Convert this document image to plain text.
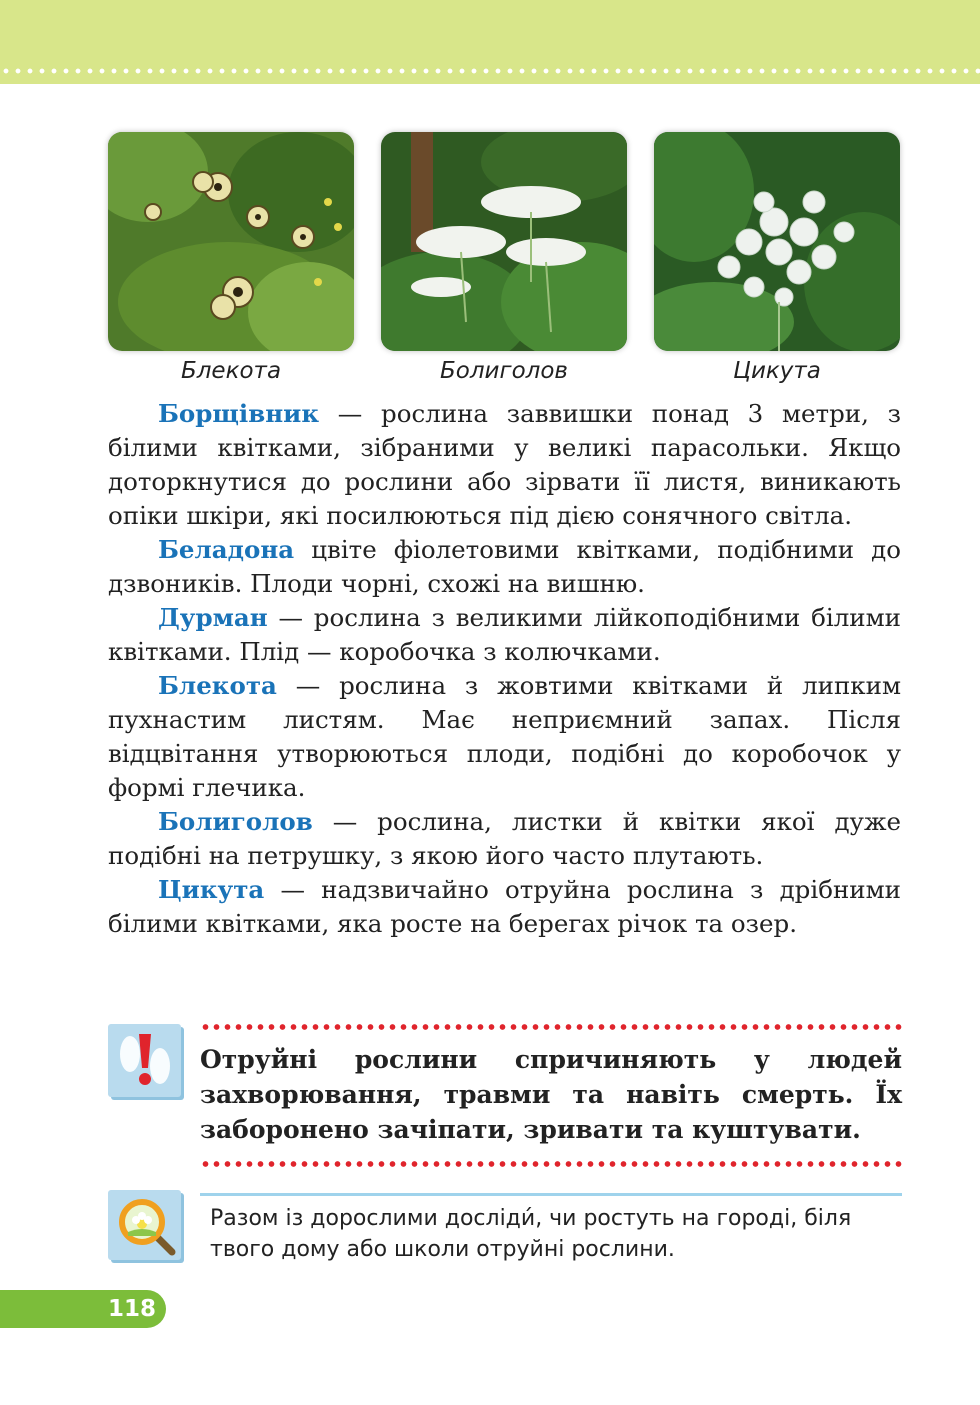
Блекота	Болиголов	Цикута

Борщівник — рослина заввишки понад 3 метри, з білими квітками, зібраними у великі парасольки. Якщо доторкнутися до рослини або зірвати її листя, виникають опіки шкіри, які посилюються під дією сонячного світла.

Беладона цвіте фіолетовими квітками, подібними до дзвоників. Плоди чорні, схожі на вишню.

Дурман — рослина з великими лійкоподібними білими квітками. Плід — коробочка з колючками.

Блекота — рослина з жовтими квітками й липким пухнастим листям. Має неприємний запах. Після відцвітання утворюються плоди, подібні до коробочок у формі глечика.

Болиголов — рослина, листки й квітки якої дуже подібні на петрушку, з якою його часто плутають.

Цикута — надзвичайно отруйна рослина з дрібними білими квітками, яка росте на берегах річок та озер.

Отруйні рослини спричиняють у людей захворювання, травми та навіть смерть. Їх заборонено зачіпати, зривати та куштувати.
Разом із дорослими досліди́, чи ростуть на городі, біля твого дому або школи отруйні рослини.
118
